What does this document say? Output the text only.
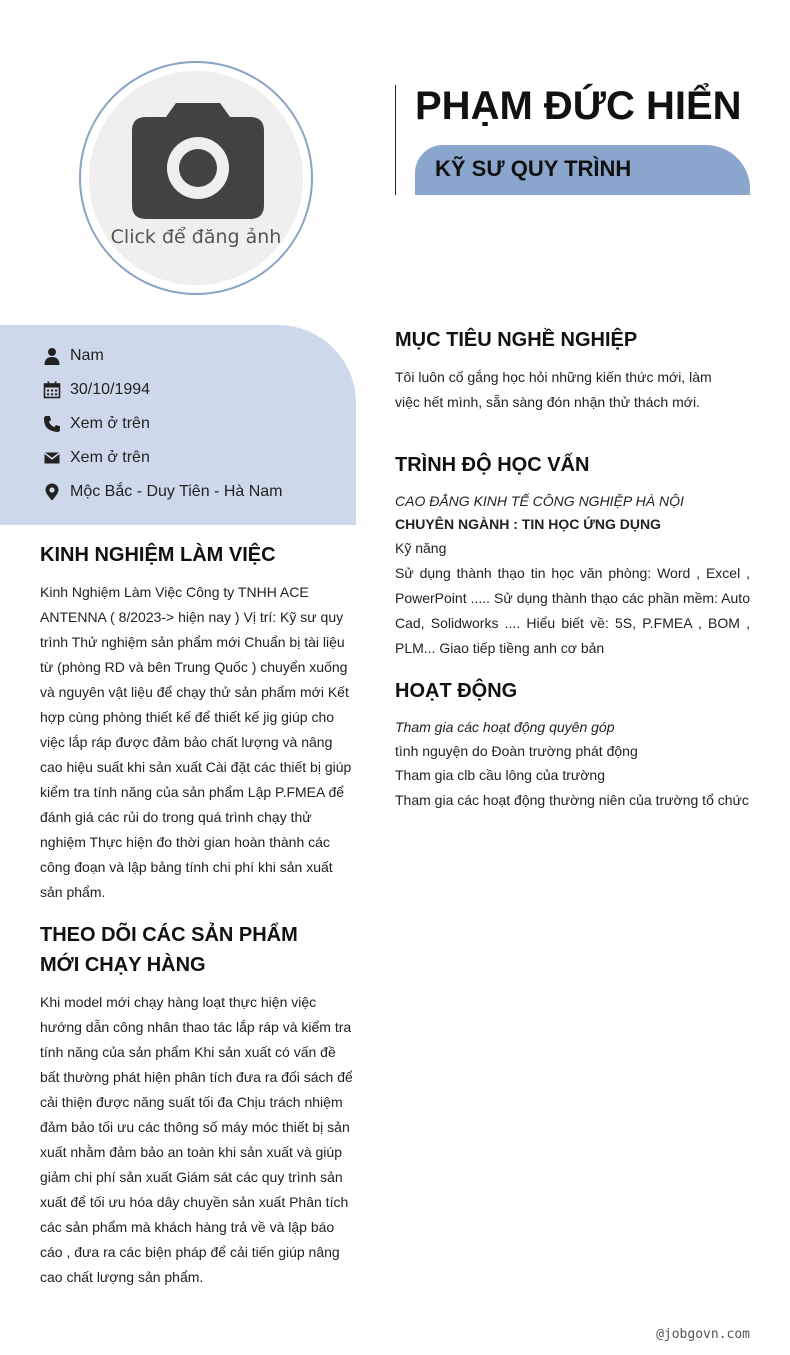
Click để đăng ảnh
PHẠM ĐỨC HIỂN
KỸ SƯ QUY TRÌNH
Nam
30/10/1994
Xem ở trên
Xem ở trên
Mộc Bắc - Duy Tiên - Hà Nam
KINH NGHIỆM LÀM VIỆC

Kinh Nghiệm Làm Việc Công ty TNHH ACE ANTENNA ( 8/2023-> hiện nay ) Vị trí: Kỹ sư quy trình Thử nghiệm sản phẩm mới Chuẩn bị tài liệu từ (phòng RD và bên Trung Quốc ) chuyển xuống và nguyên vật liệu để chạy thử sản phẩm mới Kết hợp cùng phòng thiết kế để thiết kế jig giúp cho việc lắp ráp được đảm bảo chất lượng và nâng cao hiệu suất khi sản xuất Cài đặt các thiết bị giúp kiểm tra tính năng của sản phẩm Lập P.FMEA để đánh giá các rủi do trong quá trình chạy thử nghiệm Thực hiện đo thời gian hoàn thành các công đoạn và lập bảng tính chi phí khi sản xuất sản phẩm.

THEO DÕI CÁC SẢN PHẨM MỚI CHẠY HÀNG

Khi model mới chạy hàng loạt thực hiện việc hướng dẫn công nhân thao tác lắp ráp và kiểm tra tính năng của sản phẩm Khi sản xuất có vấn đề bất thường phát hiện phân tích đưa ra đối sách để cải thiện được năng suất tối đa Chịu trách nhiệm đảm bảo tối ưu các thông số máy móc thiết bị sản xuất nhằm đảm bảo an toàn khi sản xuất và giúp giảm chi phí sản xuất Giám sát các quy trình sản xuất để tối ưu hóa dây chuyền sản xuất Phân tích các sản phẩm mà khách hàng trả về và lập báo cáo , đưa ra các biện pháp để cải tiến giúp nâng cao chất lượng sản phẩm.

MỤC TIÊU NGHỀ NGHIỆP

Tôi luôn cố gắng học hỏi những kiến thức mới, làm việc hết mình, sẵn sàng đón nhận thử thách mới.

TRÌNH ĐỘ HỌC VẤN
CAO ĐẲNG KINH TẾ CÔNG NGHIỆP HÀ NỘI
CHUYÊN NGÀNH : TIN HỌC ỨNG DỤNG
Kỹ năng
Sử dụng thành thạo tin học văn phòng: Word , Excel , PowerPoint ..... Sử dụng thành thạo các phần mềm: Auto Cad, Solidworks .... Hiểu biết về: 5S, P.FMEA , BOM , PLM... Giao tiếp tiềng anh cơ bản
HOẠT ĐỘNG
Tham gia các hoạt động quyên góp
tình nguyện do Đoàn trường phát động
Tham gia clb cầu lông của trường
Tham gia các hoạt động thường niên của trường tổ chức
@jobgovn.com
